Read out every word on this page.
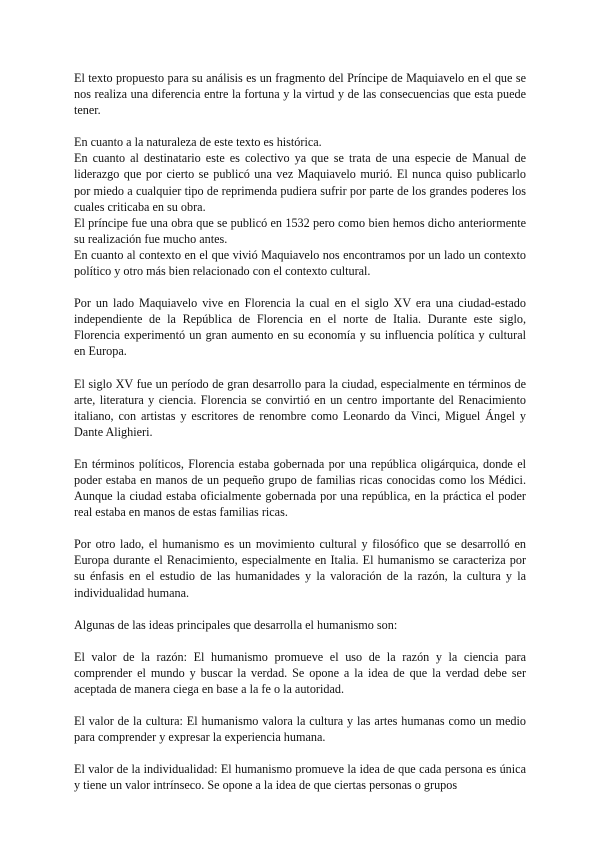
El texto propuesto para su análisis es un fragmento del Príncipe de Maquiavelo en el que se nos realiza una diferencia entre la fortuna y la virtud y de las consecuencias que esta puede tener.

En cuanto a la naturaleza de este texto es histórica.

En cuanto al destinatario este es colectivo ya que se trata de una especie de Manual de liderazgo que por cierto se publicó una vez Maquiavelo murió. El nunca quiso publicarlo por miedo a cualquier tipo de reprimenda pudiera sufrir por parte de los grandes poderes los cuales criticaba en su obra.

El príncipe fue una obra que se publicó en 1532 pero como bien hemos dicho anteriormente su realización fue mucho antes.

En cuanto al contexto en el que vivió Maquiavelo nos encontramos por un lado un contexto político y otro más bien relacionado con el contexto cultural.

Por un lado Maquiavelo vive en Florencia la cual en el siglo XV era una ciudad-estado independiente de la República de Florencia en el norte de Italia. Durante este siglo, Florencia experimentó un gran aumento en su economía y su influencia política y cultural en Europa.

El siglo XV fue un período de gran desarrollo para la ciudad, especialmente en términos de arte, literatura y ciencia. Florencia se convirtió en un centro importante del Renacimiento italiano, con artistas y escritores de renombre como Leonardo da Vinci, Miguel Ángel y Dante Alighieri.

En términos políticos, Florencia estaba gobernada por una república oligárquica, donde el poder estaba en manos de un pequeño grupo de familias ricas conocidas como los Médici. Aunque la ciudad estaba oficialmente gobernada por una república, en la práctica el poder real estaba en manos de estas familias ricas.

Por otro lado, el humanismo es un movimiento cultural y filosófico que se desarrolló en Europa durante el Renacimiento, especialmente en Italia. El humanismo se caracteriza por su énfasis en el estudio de las humanidades y la valoración de la razón, la cultura y la individualidad humana.

Algunas de las ideas principales que desarrolla el humanismo son:

El valor de la razón: El humanismo promueve el uso de la razón y la ciencia para comprender el mundo y buscar la verdad. Se opone a la idea de que la verdad debe ser aceptada de manera ciega en base a la fe o la autoridad.

El valor de la cultura: El humanismo valora la cultura y las artes humanas como un medio para comprender y expresar la experiencia humana.

El valor de la individualidad: El humanismo promueve la idea de que cada persona es única y tiene un valor intrínseco. Se opone a la idea de que ciertas personas o grupos
